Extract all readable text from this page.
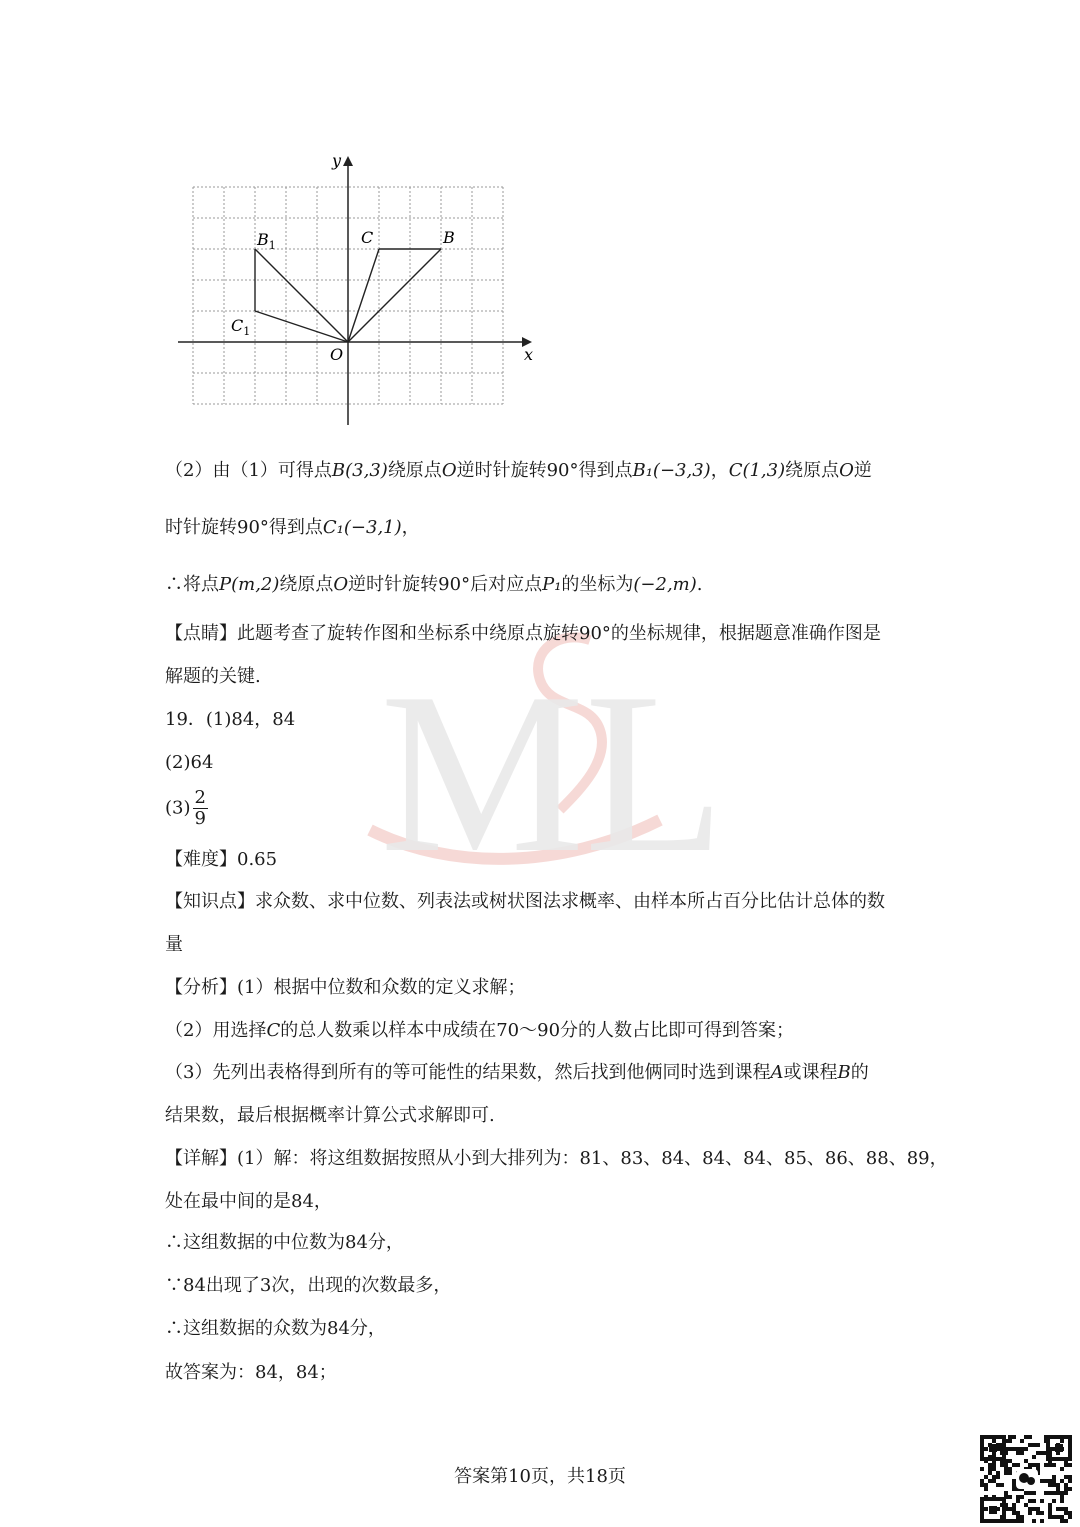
ML
x
y
O
B
C
$B_1$
$C_1$
（2）由（1）可得点B(3,3)绕原点O逆时针旋转90°得到点B₁(−3,3)，C(1,3)绕原点O逆
时针旋转90°得到点C₁(−3,1)，
∴将点P(m,2)绕原点O逆时针旋转90°后对应点P₁的坐标为(−2,m).
【点睛】此题考查了旋转作图和坐标系中绕原点旋转90°的坐标规律，根据题意准确作图是
解题的关键.
19．(1)84，84
(2)64
$(3) \frac{2}{9}$
【难度】0.65
【知识点】求众数、求中位数、列表法或树状图法求概率、由样本所占百分比估计总体的数
量
【分析】(1）根据中位数和众数的定义求解；
（2）用选择C的总人数乘以样本中成绩在70～90分的人数占比即可得到答案；
（3）先列出表格得到所有的等可能性的结果数，然后找到他俩同时选到课程A或课程B的
结果数，最后根据概率计算公式求解即可.
【详解】(1）解：将这组数据按照从小到大排列为：81、83、84、84、84、85、86、88、89，
处在最中间的是84，
∴这组数据的中位数为84分，
∵84出现了3次，出现的次数最多，
∴这组数据的众数为84分，
故答案为：84，84；
答案第10页，共18页
